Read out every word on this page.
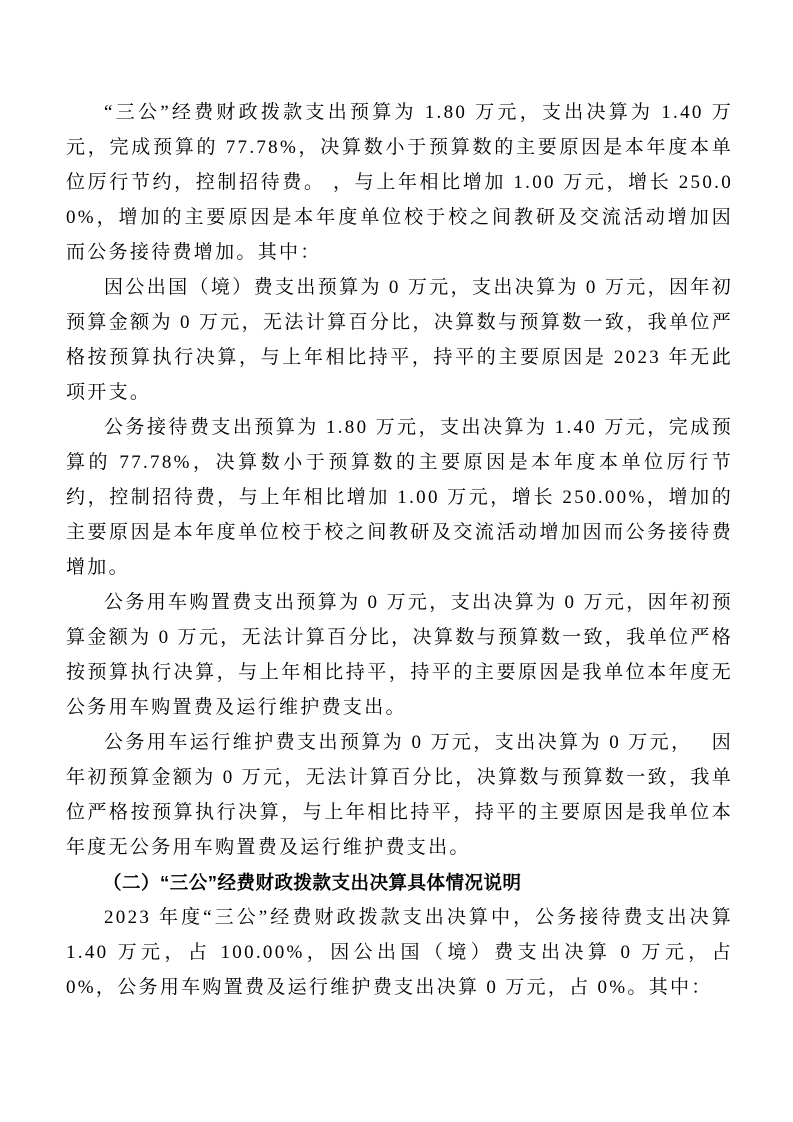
“三公”经费财政拨款支出预算为 1.80 万元，支出决算为 1.40 万元，完成预算的 77.78%，决算数小于预算数的主要原因是本年度本单位厉行节约，控制招待费。 ，与上年相比增加 1.00 万元，增长 250.00%，增加的主要原因是本年度单位校于校之间教研及交流活动增加因而公务接待费增加。其中：

因公出国（境）费支出预算为 0 万元，支出决算为 0 万元，因年初预算金额为 0 万元，无法计算百分比，决算数与预算数一致，我单位严格按预算执行决算，与上年相比持平，持平的主要原因是 2023 年无此项开支。

公务接待费支出预算为 1.80 万元，支出决算为 1.40 万元，完成预算的 77.78%，决算数小于预算数的主要原因是本年度本单位厉行节约，控制招待费，与上年相比增加 1.00 万元，增长 250.00%，增加的主要原因是本年度单位校于校之间教研及交流活动增加因而公务接待费增加。

公务用车购置费支出预算为 0 万元，支出决算为 0 万元，因年初预算金额为 0 万元，无法计算百分比，决算数与预算数一致，我单位严格按预算执行决算，与上年相比持平，持平的主要原因是我单位本年度无公务用车购置费及运行维护费支出。

公务用车运行维护费支出预算为 0 万元，支出决算为 0 万元，　 因年初预算金额为 0 万元，无法计算百分比，决算数与预算数一致，我单位严格按预算执行决算，与上年相比持平，持平的主要原因是我单位本年度无公务用车购置费及运行维护费支出。

（二）“三公”经费财政拨款支出决算具体情况说明

2023 年度“三公”经费财政拨款支出决算中，公务接待费支出决算 1.40 万元，占 100.00%，因公出国（境）费支出决算 0 万元，占 0%，公务用车购置费及运行维护费支出决算 0 万元，占 0%。其中：
